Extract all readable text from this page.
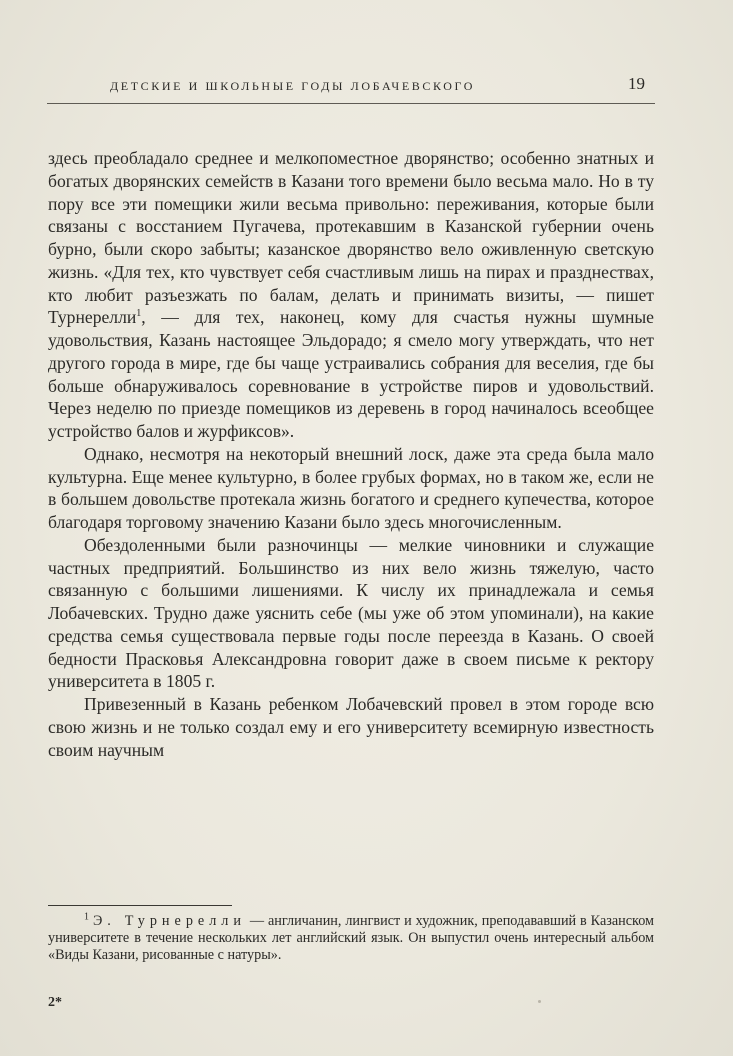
ДЕТСКИЕ И ШКОЛЬНЫЕ ГОДЫ ЛОБАЧЕВСКОГО	19

здесь преобладало среднее и мелкопоместное дворянство; особенно знатных и богатых дворянских семейств в Казани того времени было весьма мало. Но в ту пору все эти помещики жили весьма привольно: переживания, которые были связаны с восстанием Пугачева, протекавшим в Казанской губернии очень бурно, были скоро забыты; казанское дворянство вело оживленную светскую жизнь. «Для тех, кто чувствует себя счастливым лишь на пирах и празднествах, кто любит разъезжать по балам, делать и принимать визиты, — пишет Турнерелли$^1$, — для тех, наконец, кому для счастья нужны шумные удовольствия, Казань настоящее Эльдорадо; я смело могу утверждать, что нет другого города в мире, где бы чаще устраивались собрания для веселия, где бы больше обнаруживалось соревнование в устройстве пиров и удовольствий. Через неделю по приезде помещиков из деревень в город начиналось всеобщее устройство балов и журфиксов».

Однако, несмотря на некоторый внешний лоск, даже эта среда была мало культурна. Еще менее культурно, в более грубых формах, но в таком же, если не в большем довольстве протекала жизнь богатого и среднего купечества, которое благодаря торговому значению Казани было здесь многочисленным.

Обездоленными были разночинцы — мелкие чиновники и служащие частных предприятий. Большинство из них вело жизнь тяжелую, часто связанную с большими лишениями. К числу их принадлежала и семья Лобачевских. Трудно даже уяснить себе (мы уже об этом упоминали), на какие средства семья существовала первые годы после переезда в Казань. О своей бедности Прасковья Александровна говорит даже в своем письме к ректору университета в 1805 г.

Привезенный в Казань ребенком Лобачевский провел в этом городе всю свою жизнь и не только создал ему и его университету всемирную известность своим научным

$^1$ Э. Турнерелли — англичанин, лингвист и художник, преподававший в Казанском университете в течение нескольких лет английский язык. Он выпустил очень интересный альбом «Виды Казани, рисованные с натуры».
2*
